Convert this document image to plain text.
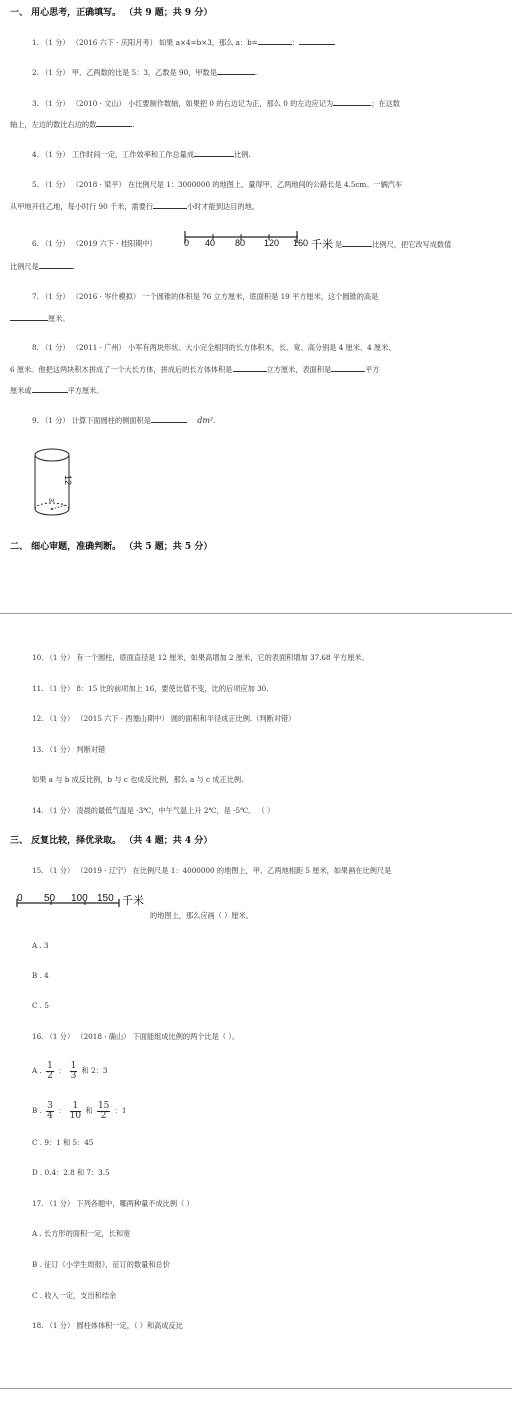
一、 用心思考，正确填写。 （共 9 题；共 9 分）
1. （1 分） （2016 六下 · 庆阳月考） 如果 a×4=b×3，那么 a：b=	：
2. （1 分） 甲、乙两数的比是 5：3，乙数是 90，甲数是	.
3. （1 分） （2010 · 文山） 小红要制作数轴，如果把 0 的右边记为正，那么 0 的左边应记为	；在这数
轴上，左边的数比右边的数	.
4. （1 分） 工作时间一定，工作效率和工作总量成	比例.
5. （1 分） （2018 · 梁平） 在比例尺是 1：3000000 的地图上，量得甲、乙两地间的公路长是 4.5cm。一辆汽车
从甲地开往乙地，每小时行 90 千米，需要行	小时才能到达目的地。
6. （1 分） （2019 六下 · 桂阳期中）	0 40 80 120 160 千米 是	比例尺，把它改写成数值
比例尺是	.
7. （1 分） （2016 · 岑什模拟） 一个圆锥的体积是 76 立方厘米，底面积是 19 平方厘米，这个圆锥的高是
厘米。
8. （1 分） （2011 · 广州） 小军有两块形状、大小完全相同的长方体积木，长、宽、高分别是 4 厘米、4 厘米、
6 厘米。他把这两块积木拼成了一个大长方体，拼成后的长方体体积是	立方厘米，表面积是	平方
厘米或	平方厘米。
9. （1 分） 计算下面圆柱的侧面积是	dm².
12
3
二、 细心审题，准确判断。 （共 5 题；共 5 分）
10. （1 分） 有一个圆柱，底面直径是 12 厘米，如果高增加 2 厘米，它的表面积增加 37.68 平方厘米。
11. （1 分） 8：15 比的前项加上 16，要使比值不变，比的后项应加 30.
12. （1 分） （2015 六下 · 西塞山期中） 圆的面积和半径成正比例.（判断对错）
13. （1 分） 判断对错
如果 a 与 b 成反比例，b 与 c 也成反比例，那么 a 与 c 成正比例.
14. （1 分） 凌晨的最低气温是 -3℃，中午气温上升 2℃，是 -5℃。 （ ）
三、 反复比较，择优录取。 （共 4 题；共 4 分）
15. （1 分） （2019 · 辽宁） 在比例尺是 1：4000000 的地图上，甲、乙两地相距 5 厘米，如果画在比例尺是
0 50 100 150 千米
的地图上，那么应画（ ）厘米。
A . 3
B . 4
C . 5
16. （1 分） （2018 · 确山） 下面能组成比例的两个比是（ ）。
A . $\frac{1}{2}$ ： $\frac{1}{3}$ 和 2：3
B . $\frac{3}{4}$ ： $\frac{1}{10}$ 和 $\frac{15}{2}$ ：1
C . 9：1 和 5：45
D . 0.4：2.8 和 7：3.5
17. （1 分） 下列各题中，哪两种量不成比例（ ）
A . 长方形的面积一定，长和宽
B . 征订《小学生周报》，征订的数量和总价
C . 收入一定，支出和结余
18. （1 分） 圆柱体体积一定，（ ）和高成反比
